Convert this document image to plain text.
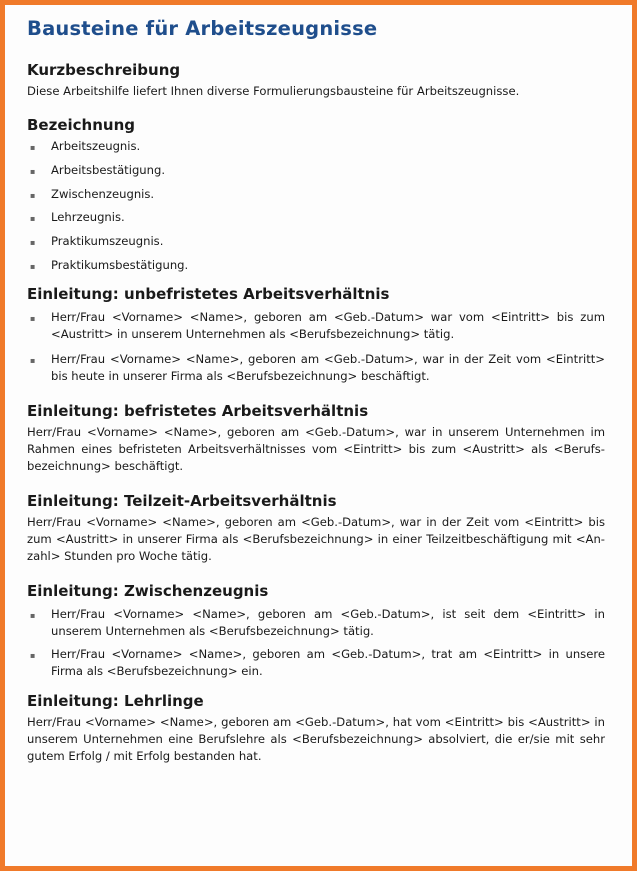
Bausteine für Arbeitszeugnisse
Kurzbeschreibung

Diese Arbeitshilfe liefert Ihnen diverse Formulierungsbausteine für Arbeitszeugnisse.

Bezeichnung
▪ Arbeitszeugnis.
▪ Arbeitsbestätigung.
▪ Zwischenzeugnis.
▪ Lehrzeugnis.
▪ Praktikumszeugnis.
▪ Praktikumsbestätigung.
Einleitung: unbefristetes Arbeitsverhältnis
▪ Herr/Frau <Vorname> <Name>, geboren am <Geb.-Datum> war vom <Eintritt> bis zum <Austritt> in unserem Unternehmen als <Berufsbezeichnung> tätig.
▪ Herr/Frau <Vorname> <Name>, geboren am <Geb.-Datum>, war in der Zeit vom <Eintritt> bis heute in unserer Firma als <Berufsbezeichnung> beschäftigt.
Einleitung: befristetes Arbeitsverhältnis

Herr/Frau <Vorname> <Name>, geboren am <Geb.-Datum>, war in unserem Unternehmen im Rahmen eines befristeten Arbeitsverhältnisses vom <Eintritt> bis zum <Austritt> als <Berufs-bezeichnung> beschäftigt.

Einleitung: Teilzeit-Arbeitsverhältnis

Herr/Frau <Vorname> <Name>, geboren am <Geb.-Datum>, war in der Zeit vom <Eintritt> bis zum <Austritt> in unserer Firma als <Berufsbezeichnung> in einer Teilzeitbeschäftigung mit <An-zahl> Stunden pro Woche tätig.

Einleitung: Zwischenzeugnis
▪ Herr/Frau <Vorname> <Name>, geboren am <Geb.-Datum>, ist seit dem <Eintritt> in unserem Unternehmen als <Berufsbezeichnung> tätig.
▪ Herr/Frau <Vorname> <Name>, geboren am <Geb.-Datum>, trat am <Eintritt> in unsere Firma als <Berufsbezeichnung> ein.
Einleitung: Lehrlinge

Herr/Frau <Vorname> <Name>, geboren am <Geb.-Datum>, hat vom <Eintritt> bis <Austritt> in unserem Unternehmen eine Berufslehre als <Berufsbezeichnung> absolviert, die er/sie mit sehr gutem Erfolg / mit Erfolg bestanden hat.
